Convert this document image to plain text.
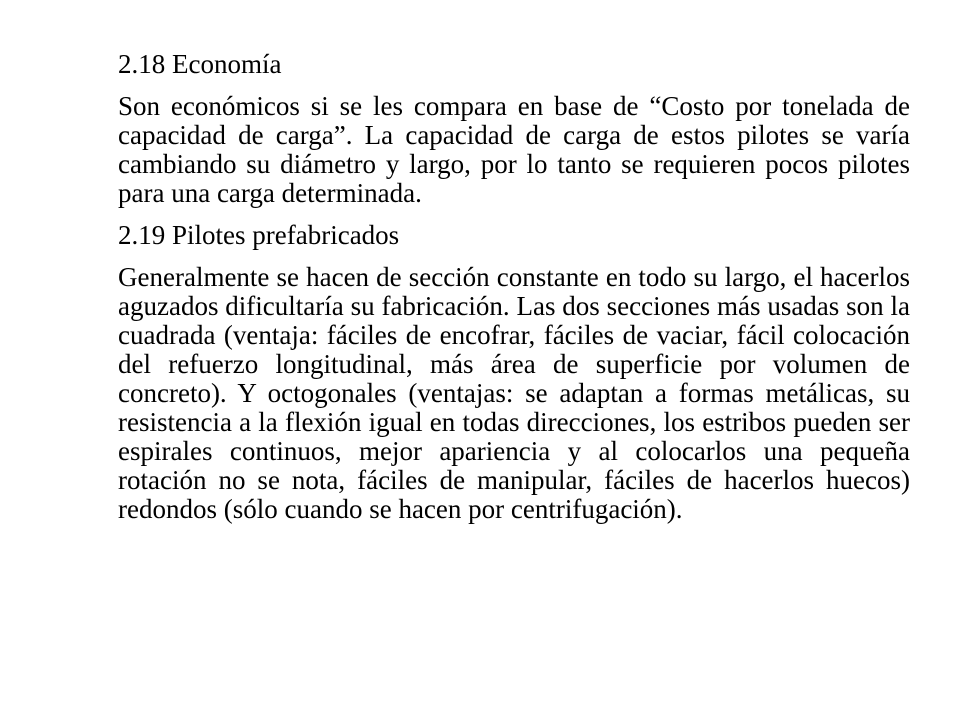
2.18 Economía
Son económicos si se les compara en base de “Costo por tonelada de capacidad de carga”. La capacidad de carga de estos pilotes se varía cambiando su diámetro y largo, por lo tanto se requieren pocos pilotes para una carga determinada.
2.19 Pilotes prefabricados
Generalmente se hacen de sección constante en todo su largo, el hacerlos aguzados dificultaría su fabricación. Las dos secciones más usadas son la cuadrada (ventaja: fáciles de encofrar, fáciles de vaciar, fácil colocación del refuerzo longitudinal, más área de superficie por volumen de concreto). Y octogonales (ventajas: se adaptan a formas metálicas, su resistencia a la flexión igual en todas direcciones, los estribos pueden ser espirales continuos, mejor apariencia y al colocarlos una pequeña rotación no se nota, fáciles de manipular, fáciles de hacerlos huecos) redondos (sólo cuando se hacen por centrifugación).
